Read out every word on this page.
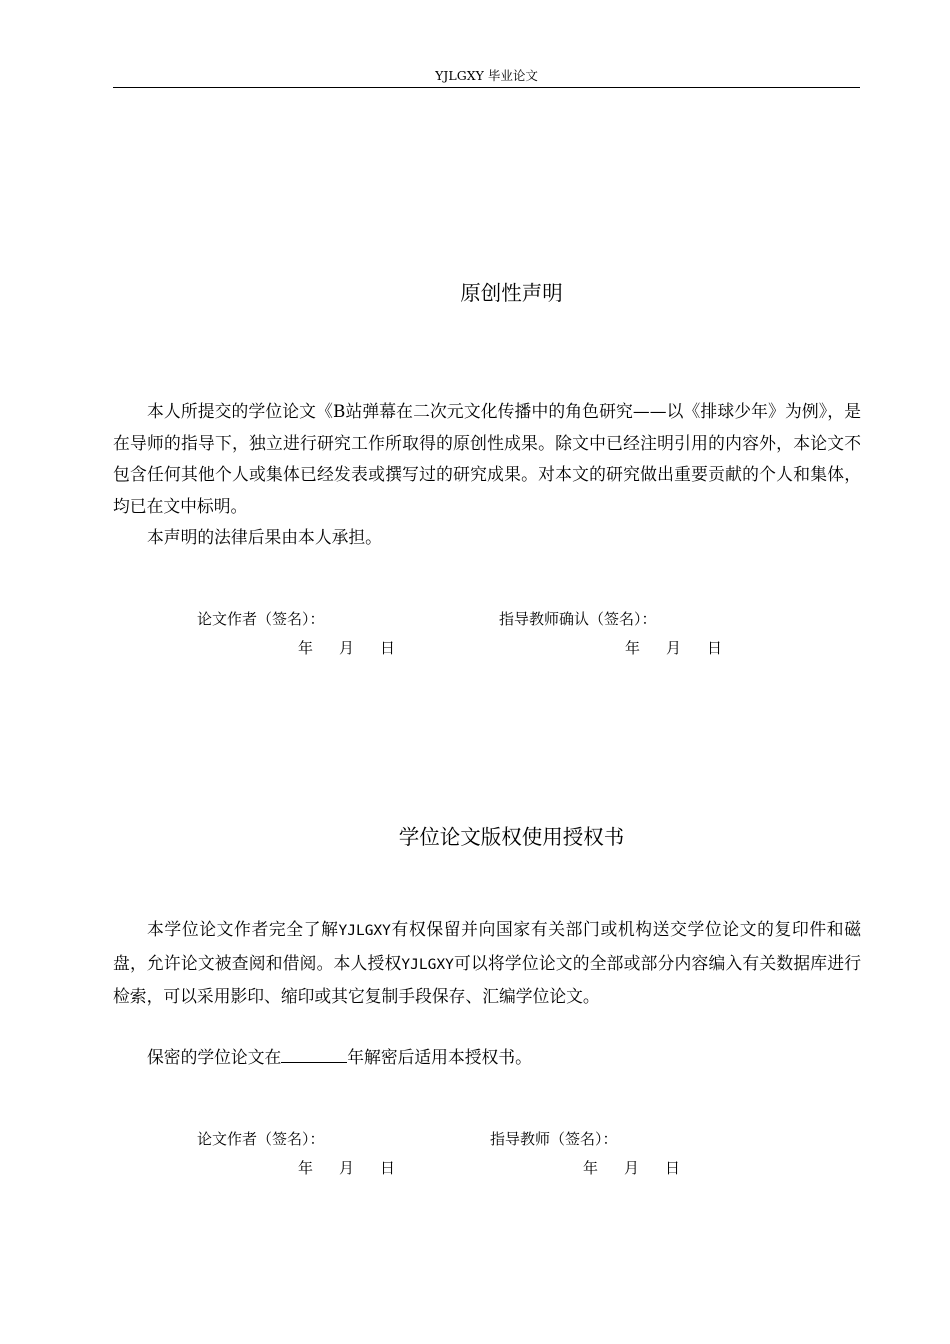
YJLGXY 毕业论文
原创性声明

本人所提交的学位论文《B站弹幕在二次元文化传播中的角色研究——以《排球少年》为例》，是在导师的指导下，独立进行研究工作所取得的原创性成果。除文中已经注明引用的内容外，本论文不包含任何其他个人或集体已经发表或撰写过的研究成果。对本文的研究做出重要贡献的个人和集体，均已在文中标明。

本声明的法律后果由本人承担。

论文作者（签名）：	指导教师确认（签名）：
年 月 日	年 月 日
学位论文版权使用授权书

本学位论文作者完全了解YJLGXY有权保留并向国家有关部门或机构送交学位论文的复印件和磁盘，允许论文被查阅和借阅。本人授权YJLGXY可以将学位论文的全部或部分内容编入有关数据库进行检索，可以采用影印、缩印或其它复制手段保存、汇编学位论文。

保密的学位论文在	年解密后适用本授权书。

论文作者（签名）：	指导教师（签名）：
年 月 日	年 月 日
